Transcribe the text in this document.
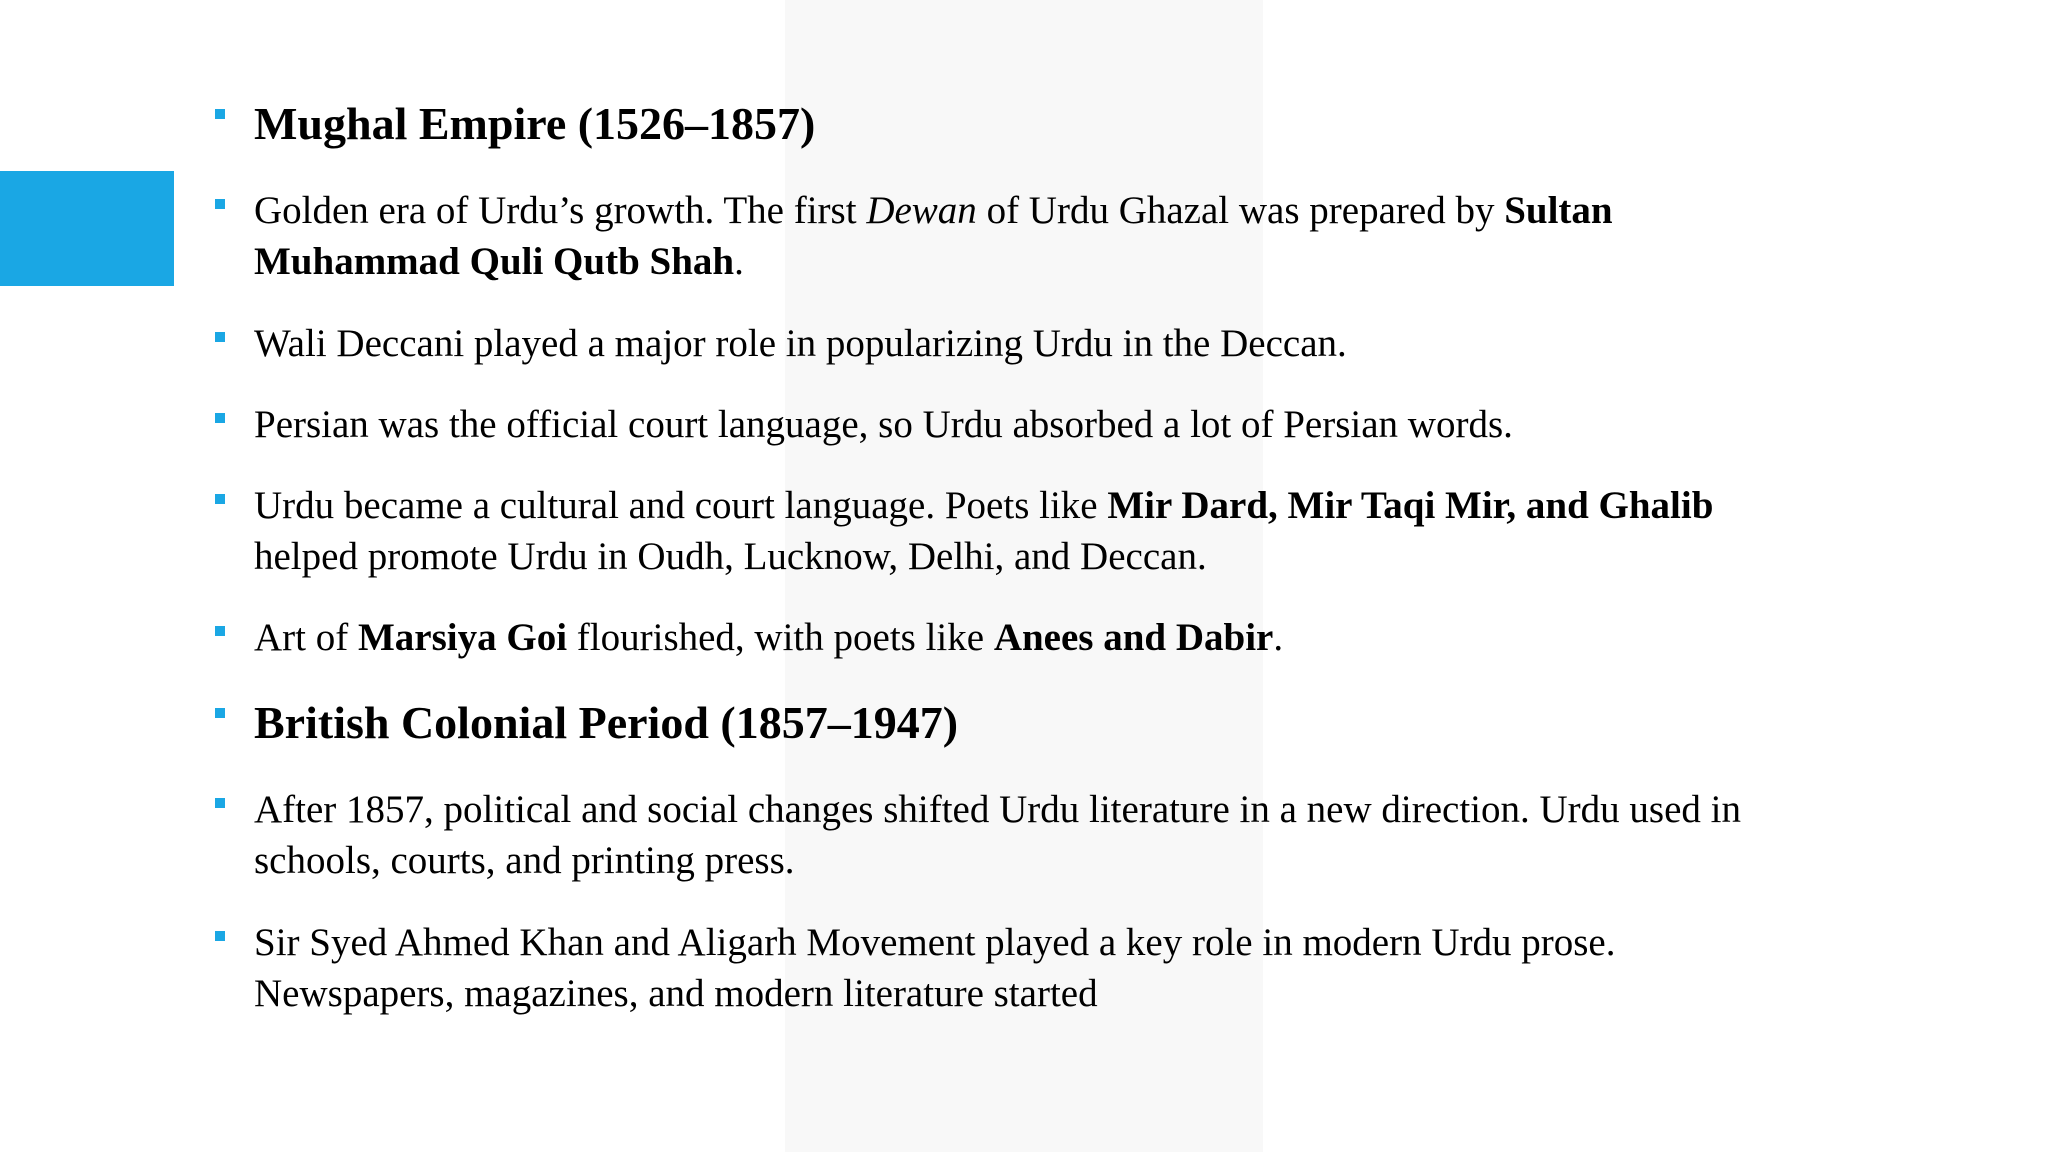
Mughal Empire (1526–1857)
Golden era of Urdu’s growth. The first Dewan of Urdu Ghazal was prepared by Sultan
Muhammad Quli Qutb Shah.
Wali Deccani played a major role in popularizing Urdu in the Deccan.
Persian was the official court language, so Urdu absorbed a lot of Persian words.
Urdu became a cultural and court language. Poets like Mir Dard, Mir Taqi Mir, and Ghalib
helped promote Urdu in Oudh, Lucknow, Delhi, and Deccan.
Art of Marsiya Goi flourished, with poets like Anees and Dabir.
British Colonial Period (1857–1947)
After 1857, political and social changes shifted Urdu literature in a new direction. Urdu used in
schools, courts, and printing press.
Sir Syed Ahmed Khan and Aligarh Movement played a key role in modern Urdu prose.
Newspapers, magazines, and modern literature started
